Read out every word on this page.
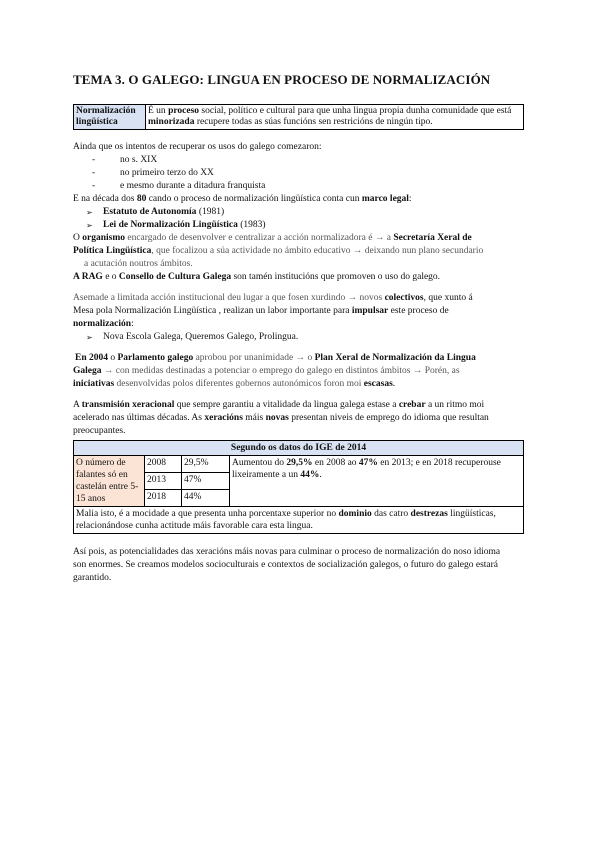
TEMA 3. O GALEGO: LINGUA EN PROCESO DE NORMALIZACIÓN
Normalización lingüística	É un proceso social, político e cultural para que unha lingua propia dunha comunidade que está minorizada recupere todas as súas funcións sen restricións de ningún tipo.

Ainda que os intentos de recuperar os usos do galego comezaron:

-	no s. XIX

-	no primeiro terzo do XX

-	e mesmo durante a ditadura franquista

E na década dos 80 cando o proceso de normalización lingüística conta cun marco legal:

➢ Estatuto de Autonomía (1981)

➢ Lei de Normalización Lingüística (1983)

O organismo encargado de desenvolver e centralizar a acción normalizadora é → a Secretaría Xeral de

Política Lingüística, que focalizou a súa actividade no ámbito educativo → deixando nun plano secundario

a acutación noutros ámbitos.

A RAG e o Consello de Cultura Galega son tamén institucións que promoven o uso do galego.

Asemade a limitada acción institucional deu lugar a que fosen xurdindo → novos colectivos, que xunto á

Mesa pola Normalización Lingüística , realizan un labor importante para impulsar este proceso de

normalización:

➢ Nova Escola Galega, Queremos Galego, Prolingua.

En 2004 o Parlamento galego aprobou por unanimidade → o Plan Xeral de Normalización da Lingua

Galega → con medidas destinadas a potenciar o emprego do galego en distintos ámbitos → Porén, as

iniciativas desenvolvidas polos diferentes gobernos autonómicos foron moi escasas.

A transmisión xeracional que sempre garantiu a vitalidade da lingua galega estase a crebar a un ritmo moi

acelerado nas últimas décadas. As xeracións máis novas presentan niveis de emprego do idioma que resultan

preocupantes.

Segundo os datos do IGE de 2014			
O número de falantes só en castelán entre 5-15 anos	2008	29,5%	Aumentou do 29,5% en 2008 ao 47% en 2013; e en 2018 recuperouse lixeiramente a un 44%.
	2013	47%	
	2018	44%	
Malia isto, é a mocidade a que presenta unha porcentaxe superior no dominio das catro destrezas lingüísticas, relacionándose cunha actitude máis favorable cara esta lingua.			

Así pois, as potencialidades das xeracións máis novas para culminar o proceso de normalización do noso idioma

son enormes. Se creamos modelos socioculturais e contextos de socialización galegos, o futuro do galego estará

garantido.
